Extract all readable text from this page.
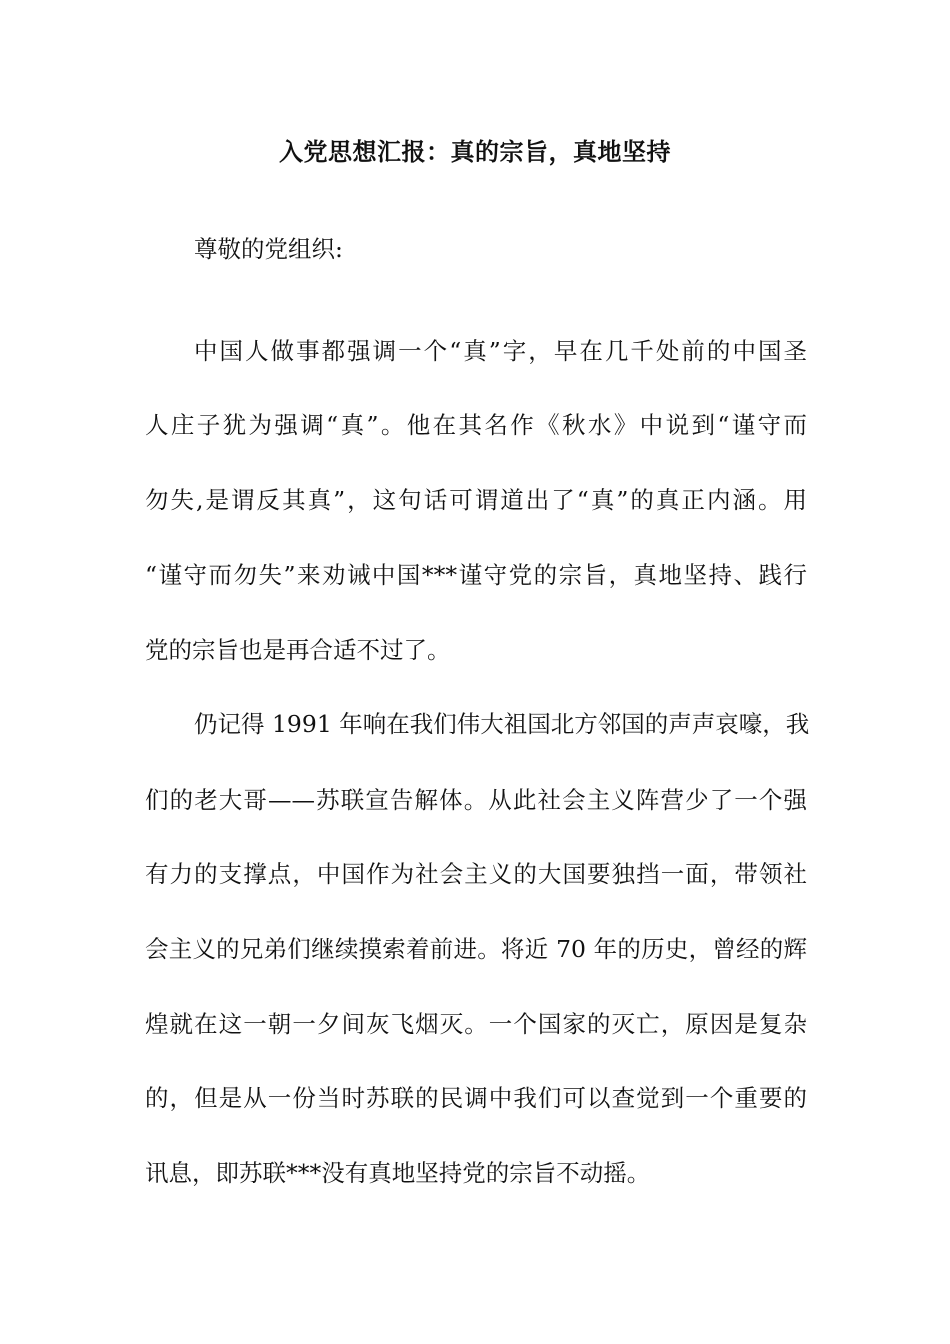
入党思想汇报：真的宗旨，真地坚持
尊敬的党组织:
中国人做事都强调一个“真”字，早在几千处前的中国圣
人庄子犹为强调“真”。他在其名作《秋水》中说到“谨守而
勿失,是谓反其真”，这句话可谓道出了“真”的真正内涵。用
“谨守而勿失”来劝诫中国***谨守党的宗旨，真地坚持、践行
党的宗旨也是再合适不过了。
仍记得 1991 年响在我们伟大祖国北方邻国的声声哀嚎，我
们的老大哥——苏联宣告解体。从此社会主义阵营少了一个强
有力的支撑点，中国作为社会主义的大国要独挡一面，带领社
会主义的兄弟们继续摸索着前进。将近 70 年的历史，曾经的辉
煌就在这一朝一夕间灰飞烟灭。一个国家的灭亡，原因是复杂
的，但是从一份当时苏联的民调中我们可以查觉到一个重要的
讯息，即苏联***没有真地坚持党的宗旨不动摇。
